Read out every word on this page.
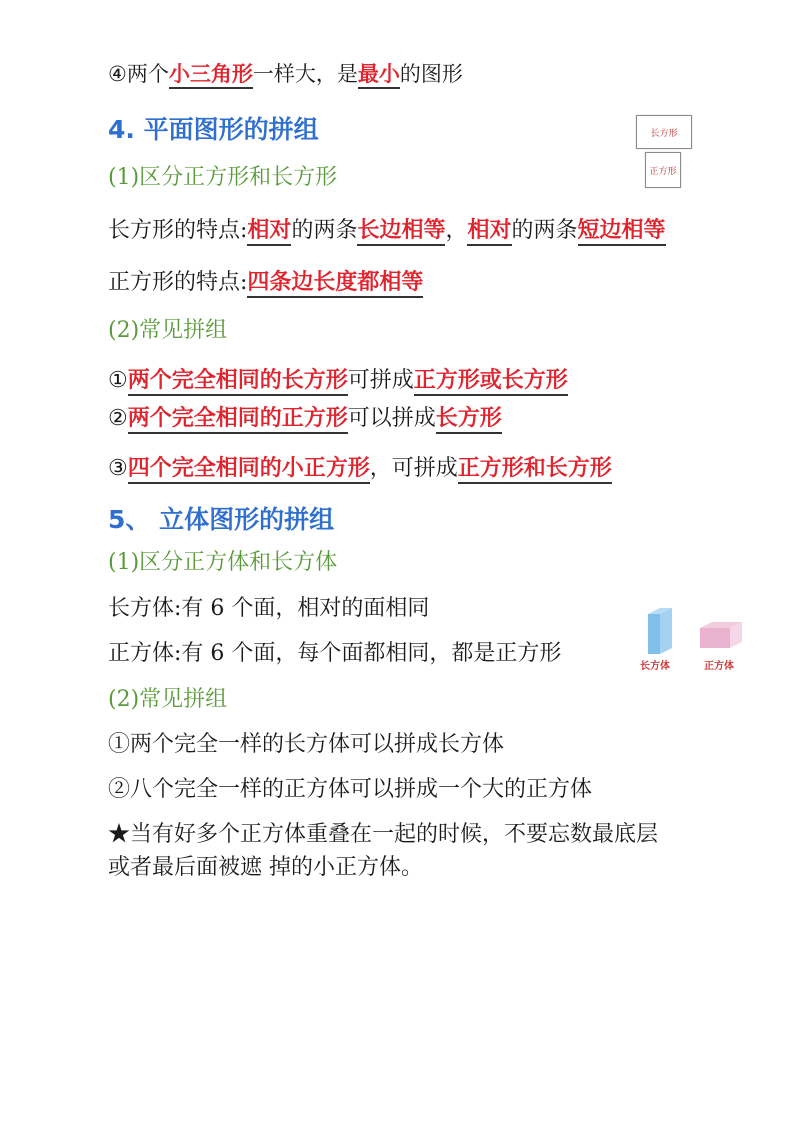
④两个小三角形一样大，是最小的图形
4. 平面图形的拼组	长方形
正方形
(1)区分正方形和长方形
长方形的特点:相对的两条长边相等，相对的两条短边相等
正方形的特点:四条边长度都相等
(2)常见拼组
①两个完全相同的长方形可拼成正方形或长方形
②两个完全相同的正方形可以拼成长方形
③四个完全相同的小正方形，可拼成正方形和长方形
5、 立体图形的拼组
(1)区分正方体和长方体
长方体:有 6 个面，相对的面相同
正方体:有 6 个面，每个面都相同，都是正方形
长方体	正方体
(2)常见拼组
①两个完全一样的长方体可以拼成长方体
②八个完全一样的正方体可以拼成一个大的正方体
★当有好多个正方体重叠在一起的时候，不要忘数最底层
或者最后面被遮 掉的小正方体。
